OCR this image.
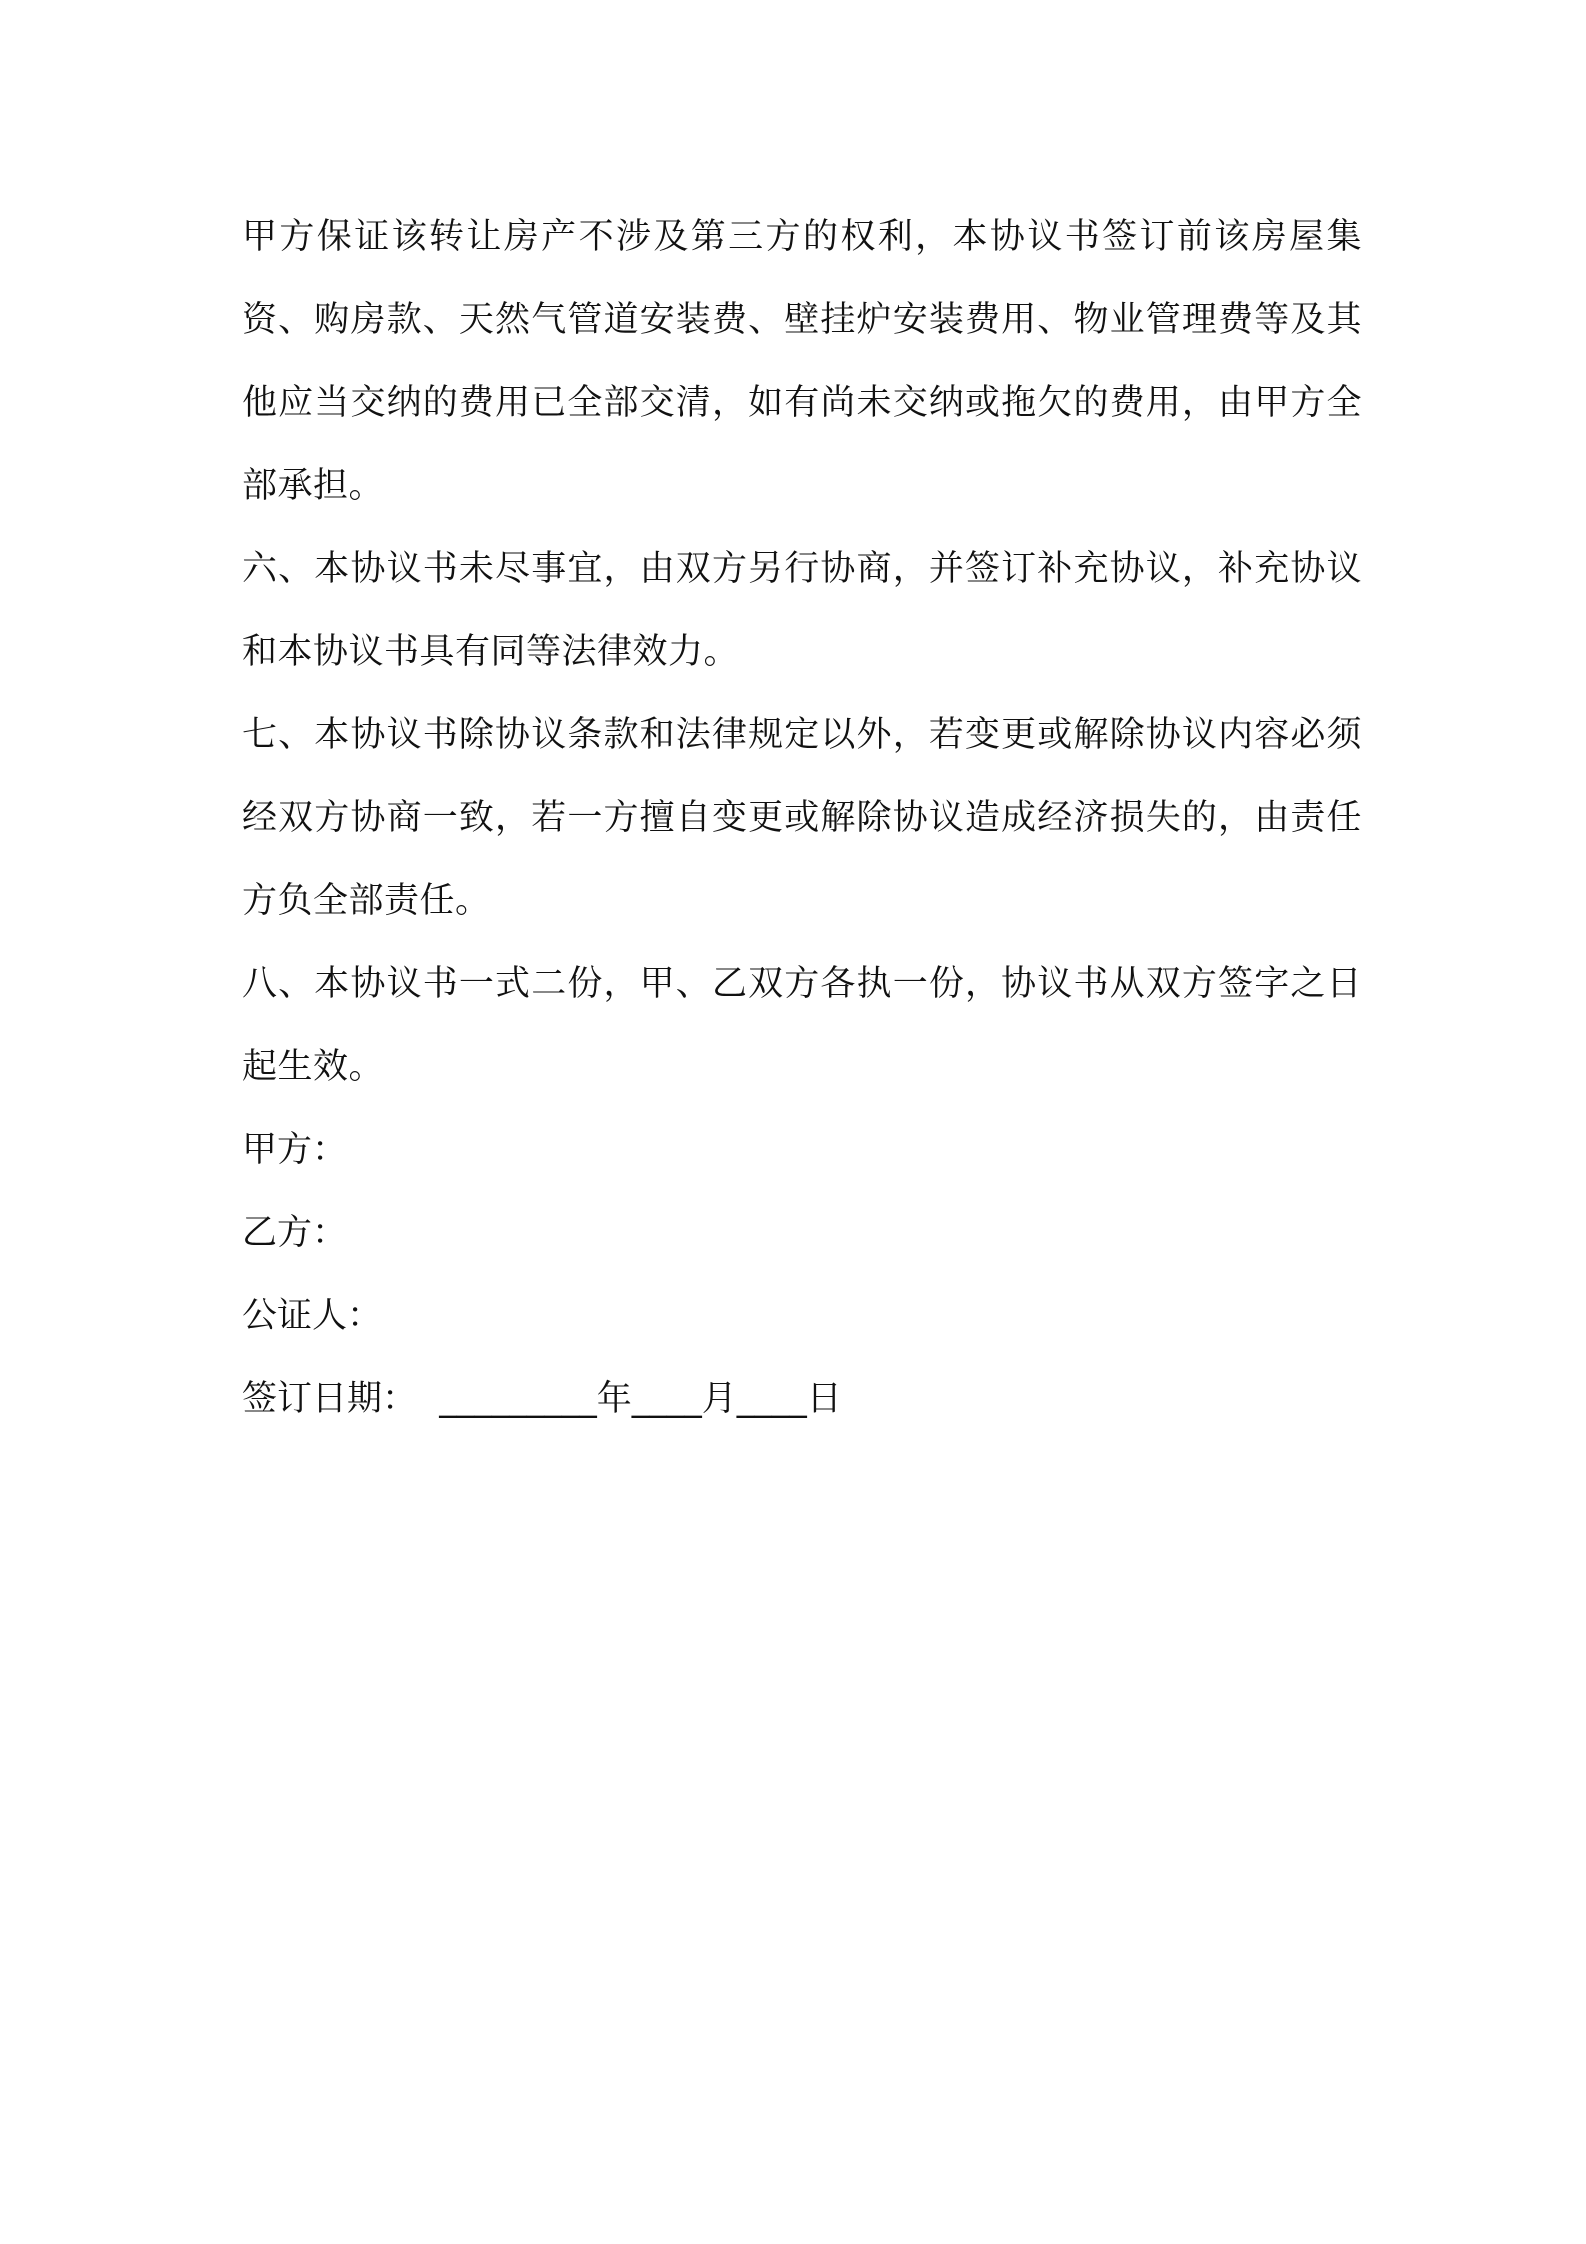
甲方保证该转让房产不涉及第三方的权利，本协议书签订前该房屋集资、购房款、天然气管道安装费、壁挂炉安装费用、物业管理费等及其他应当交纳的费用已全部交清，如有尚未交纳或拖欠的费用，由甲方全部承担。

六、本协议书未尽事宜，由双方另行协商，并签订补充协议，补充协议和本协议书具有同等法律效力。

七、本协议书除协议条款和法律规定以外，若变更或解除协议内容必须经双方协商一致，若一方擅自变更或解除协议造成经济损失的，由责任方负全部责任。

八、本协议书一式二份，甲、乙双方各执一份，协议书从双方签字之日起生效。

甲方：

乙方：

公证人：

签订日期：  _________年____月____日
